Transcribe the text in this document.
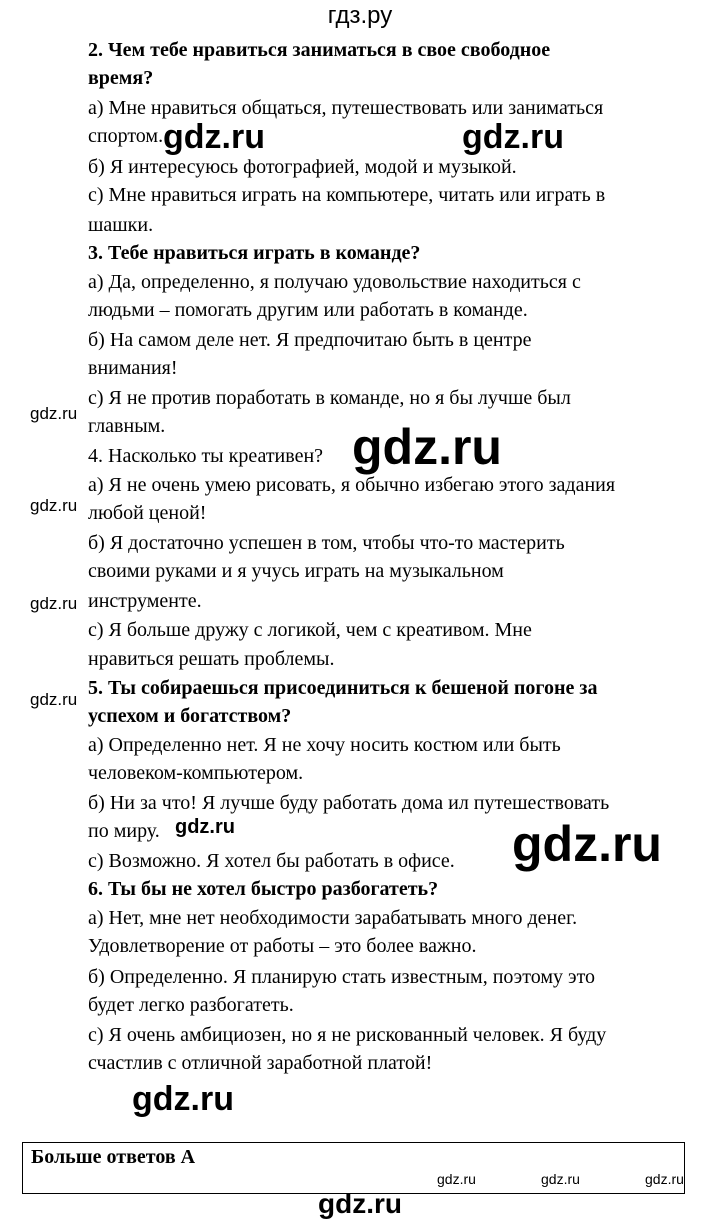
гдз.ру
2. Чем тебе нравиться заниматься в свое свободное
время?
а) Мне нравиться общаться, путешествовать или заниматься
спортом.
б) Я интересуюсь фотографией, модой и музыкой.
c) Мне нравиться играть на компьютере, читать или играть в
шашки.
3. Тебе нравиться играть в команде?
а) Да, определенно, я получаю удовольствие находиться с
людьми – помогать другим или работать в команде.
б) На самом деле нет. Я предпочитаю быть в центре
внимания!
с) Я не против поработать в команде, но я бы лучше был
главным.
4. Насколько ты креативен?
а) Я не очень умею рисовать, я обычно избегаю этого задания
любой ценой!
б) Я достаточно успешен в том, чтобы что-то мастерить
своими руками и я учусь играть на музыкальном
инструменте.
с) Я больше дружу с логикой, чем с креативом. Мне
нравиться решать проблемы.
5. Ты собираешься присоединиться к бешеной погоне за
успехом и богатством?
а) Определенно нет. Я не хочу носить костюм или быть
человеком-компьютером.
б) Ни за что! Я лучше буду работать дома ил путешествовать
по миру.
с) Возможно. Я хотел бы работать в офисе.
6. Ты бы не хотел быстро разбогатеть?
а) Нет, мне нет необходимости зарабатывать много денег.
Удовлетворение от работы – это более важно.
б) Определенно. Я планирую стать известным, поэтому это
будет легко разбогатеть.
с) Я очень амбициозен, но я не рискованный человек. Я буду
счастлив с отличной заработной платой!
gdz.ru	gdz.ru
gdz.ru
gdz.ru
gdz.ru
gdz.ru
gdz.ru
gdz.ru	gdz.ru
gdz.ru
Больше ответов А
gdz.ru	gdz.ru	gdz.ru
gdz.ru
